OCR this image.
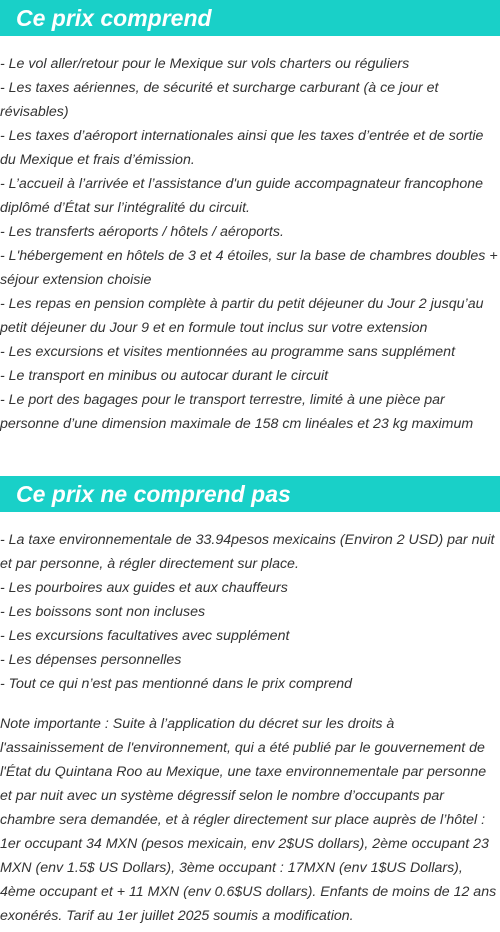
Ce prix comprend
- Le vol aller/retour pour le Mexique sur vols charters ou réguliers
- Les taxes aériennes, de sécurité et surcharge carburant (à ce jour et révisables)
- Les taxes d’aéroport internationales ainsi que les taxes d’entrée et de sortie du Mexique et frais d’émission.
- L’accueil à l’arrivée et l’assistance d'un guide accompagnateur francophone diplômé d’État sur l’intégralité du circuit.
- Les transferts aéroports / hôtels / aéroports.
- L'hébergement en hôtels de 3 et 4 étoiles, sur la base de chambres doubles + séjour extension choisie
- Les repas en pension complète à partir du petit déjeuner du Jour 2 jusqu’au petit déjeuner du Jour 9 et en formule tout inclus sur votre extension
- Les excursions et visites mentionnées au programme sans supplément
- Le transport en minibus ou autocar durant le circuit
- Le port des bagages pour le transport terrestre, limité à une pièce par personne d’une dimension maximale de 158 cm linéales et 23 kg maximum
Ce prix ne comprend pas
- La taxe environnementale de 33.94pesos mexicains (Environ 2 USD) par nuit et par personne, à régler directement sur place.
- Les pourboires aux guides et aux chauffeurs
- Les boissons sont non incluses
- Les excursions facultatives avec supplément
- Les dépenses personnelles
- Tout ce qui n’est pas mentionné dans le prix comprend

Note importante : Suite à l’application du décret sur les droits à l'assainissement de l'environnement, qui a été publié par le gouvernement de l'État du Quintana Roo au Mexique, une taxe environnementale par personne et par nuit avec un système dégressif selon le nombre d’occupants par chambre sera demandée, et à régler directement sur place auprès de l’hôtel : 1er occupant 34 MXN (pesos mexicain, env 2$US dollars), 2ème occupant 23 MXN (env 1.5$ US Dollars), 3ème occupant : 17MXN (env 1$US Dollars), 4ème occupant et + 11 MXN (env 0.6$US dollars). Enfants de moins de 12 ans exonérés. Tarif au 1er juillet 2025 soumis a modification.
